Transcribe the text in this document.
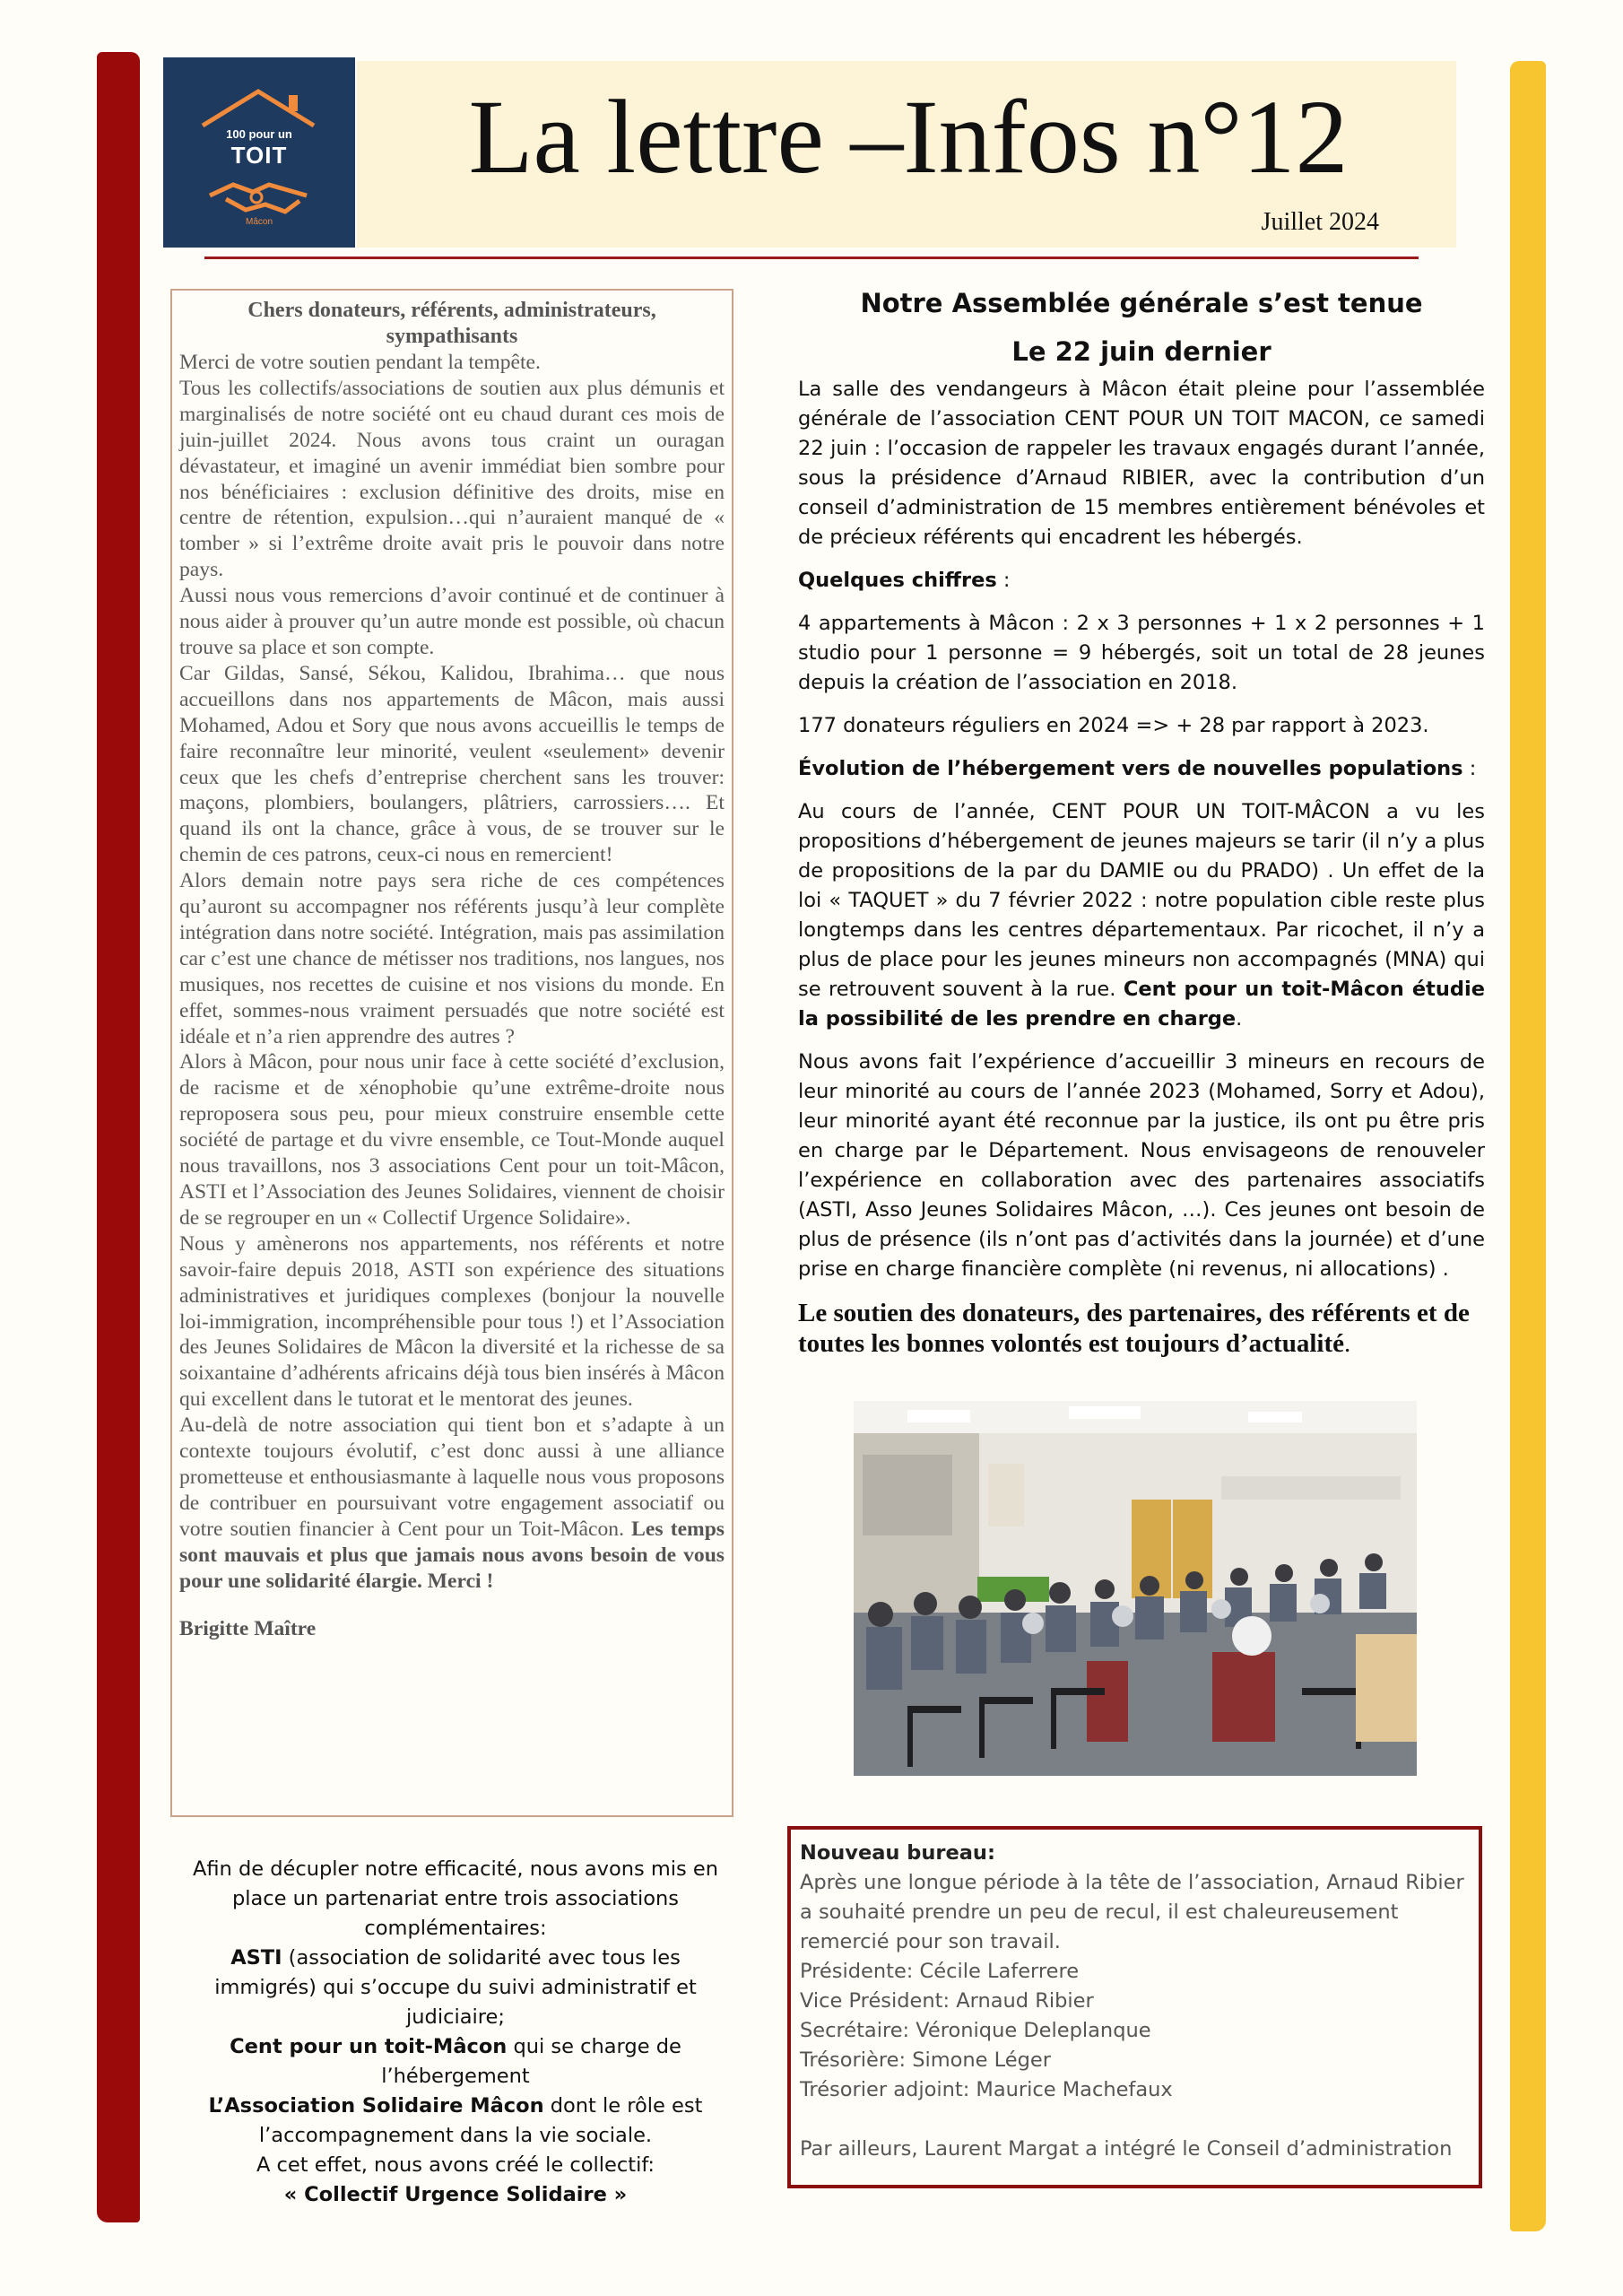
100 pour un
TOIT
Mâcon
La lettre –Infos n°12
Juillet 2024
Chers donateurs, référents, administrateurs, sympathisants

Merci de votre soutien pendant la tempête.

Tous les collectifs/associations de soutien aux plus démunis et marginalisés de notre société ont eu chaud durant ces mois de juin-juillet 2024. Nous avons tous craint un ouragan dévastateur, et imaginé un avenir immédiat bien sombre pour nos bénéficiaires : exclusion définitive des droits, mise en centre de rétention, expulsion…qui n’auraient manqué de « tomber » si l’extrême droite avait pris le pouvoir dans notre pays.

Aussi nous vous remercions d’avoir continué et de continuer à nous aider à prouver qu’un autre monde est possible, où chacun trouve sa place et son compte.

Car Gildas, Sansé, Sékou, Kalidou, Ibrahima… que nous accueillons dans nos appartements de Mâcon, mais aussi Mohamed, Adou et Sory que nous avons accueillis le temps de faire reconnaître leur minorité, veulent «seulement» devenir ceux que les chefs d’entreprise cherchent sans les trouver: maçons, plombiers, boulangers, plâtriers, carrossiers…. Et quand ils ont la chance, grâce à vous, de se trouver sur le chemin de ces patrons, ceux-ci nous en remercient!

Alors demain notre pays sera riche de ces compétences qu’auront su accompagner nos référents jusqu’à leur complète intégration dans notre société. Intégration, mais pas assimilation car c’est une chance de métisser nos traditions, nos langues, nos musiques, nos recettes de cuisine et nos visions du monde. En effet, sommes-nous vraiment persuadés que notre société est idéale et n’a rien apprendre des autres ?

Alors à Mâcon, pour nous unir face à cette société d’exclusion, de racisme et de xénophobie qu’une extrême-droite nous reproposera sous peu, pour mieux construire ensemble cette société de partage et du vivre ensemble, ce Tout-Monde auquel nous travaillons, nos 3 associations Cent pour un toit-Mâcon, ASTI et l’Association des Jeunes Solidaires, viennent de choisir de se regrouper en un « Collectif Urgence Solidaire».

Nous y amènerons nos appartements, nos référents et notre savoir-faire depuis 2018, ASTI son expérience des situations administratives et juridiques complexes (bonjour la nouvelle loi-immigration, incompréhensible pour tous !) et l’Association des Jeunes Solidaires de Mâcon la diversité et la richesse de sa soixantaine d’adhérents africains déjà tous bien insérés à Mâcon qui excellent dans le tutorat et le mentorat des jeunes.

Au-delà de notre association qui tient bon et s’adapte à un contexte toujours évolutif, c’est donc aussi à une alliance prometteuse et enthousiasmante à laquelle nous vous proposons de contribuer en poursuivant votre engagement associatif ou votre soutien financier à Cent pour un Toit-Mâcon. Les temps sont mauvais et plus que jamais nous avons besoin de vous pour une solidarité élargie. Merci !

Brigitte Maître
Notre Assemblée générale s’est tenue
Le 22 juin dernier

La salle des vendangeurs à Mâcon était pleine pour l’assemblée générale de l’association CENT POUR UN TOIT MACON, ce samedi 22 juin : l’occasion de rappeler les travaux engagés durant l’année, sous la présidence d’Arnaud RIBIER, avec la contribution d’un conseil d’administration de 15 membres entièrement bénévoles et de précieux référents qui encadrent les hébergés.

Quelques chiffres :

4 appartements à Mâcon : 2 x 3 personnes + 1 x 2 personnes + 1 studio pour 1 personne = 9 hébergés, soit un total de 28 jeunes depuis la création de l’association en 2018.

177 donateurs réguliers en 2024 => + 28 par rapport à 2023.

Évolution de l’hébergement vers de nouvelles populations :

Au cours de l’année, CENT POUR UN TOIT-MÂCON a vu les propositions d’hébergement de jeunes majeurs se tarir (il n’y a plus de propositions de la par du DAMIE ou du PRADO) . Un effet de la loi « TAQUET » du 7 février 2022 : notre population cible reste plus longtemps dans les centres départementaux. Par ricochet, il n’y a plus de place pour les jeunes mineurs non accompagnés (MNA) qui se retrouvent souvent à la rue. Cent pour un toit-Mâcon étudie la possibilité de les prendre en charge.

Nous avons fait l’expérience d’accueillir 3 mineurs en recours de leur minorité au cours de l’année 2023 (Mohamed, Sorry et Adou), leur minorité ayant été reconnue par la justice, ils ont pu être pris en charge par le Département. Nous envisageons de renouveler l’expérience en collaboration avec des partenaires associatifs (ASTI, Asso Jeunes Solidaires Mâcon, …). Ces jeunes ont besoin de plus de présence (ils n’ont pas d’activités dans la journée) et d’une prise en charge financière complète (ni revenus, ni allocations) .

Le soutien des donateurs, des partenaires, des référents et de toutes les bonnes volontés est toujours d’actualité.

Afin de décupler notre efficacité, nous avons mis en place un partenariat entre trois associations complémentaires:

ASTI (association de solidarité avec tous les immigrés) qui s’occupe du suivi administratif et judiciaire;

Cent pour un toit-Mâcon qui se charge de l’hébergement

L’Association Solidaire Mâcon dont le rôle est l’accompagnement dans la vie sociale.

A cet effet, nous avons créé le collectif:

« Collectif Urgence Solidaire »

Nouveau bureau:

Après une longue période à la tête de l’association, Arnaud Ribier a souhaité prendre un peu de recul, il est chaleureusement remercié pour son travail.

Présidente: Cécile Laferrere

Vice Président: Arnaud Ribier

Secrétaire: Véronique Deleplanque

Trésorière: Simone Léger

Trésorier adjoint: Maurice Machefaux

Par ailleurs, Laurent Margat a intégré le Conseil d’administration
